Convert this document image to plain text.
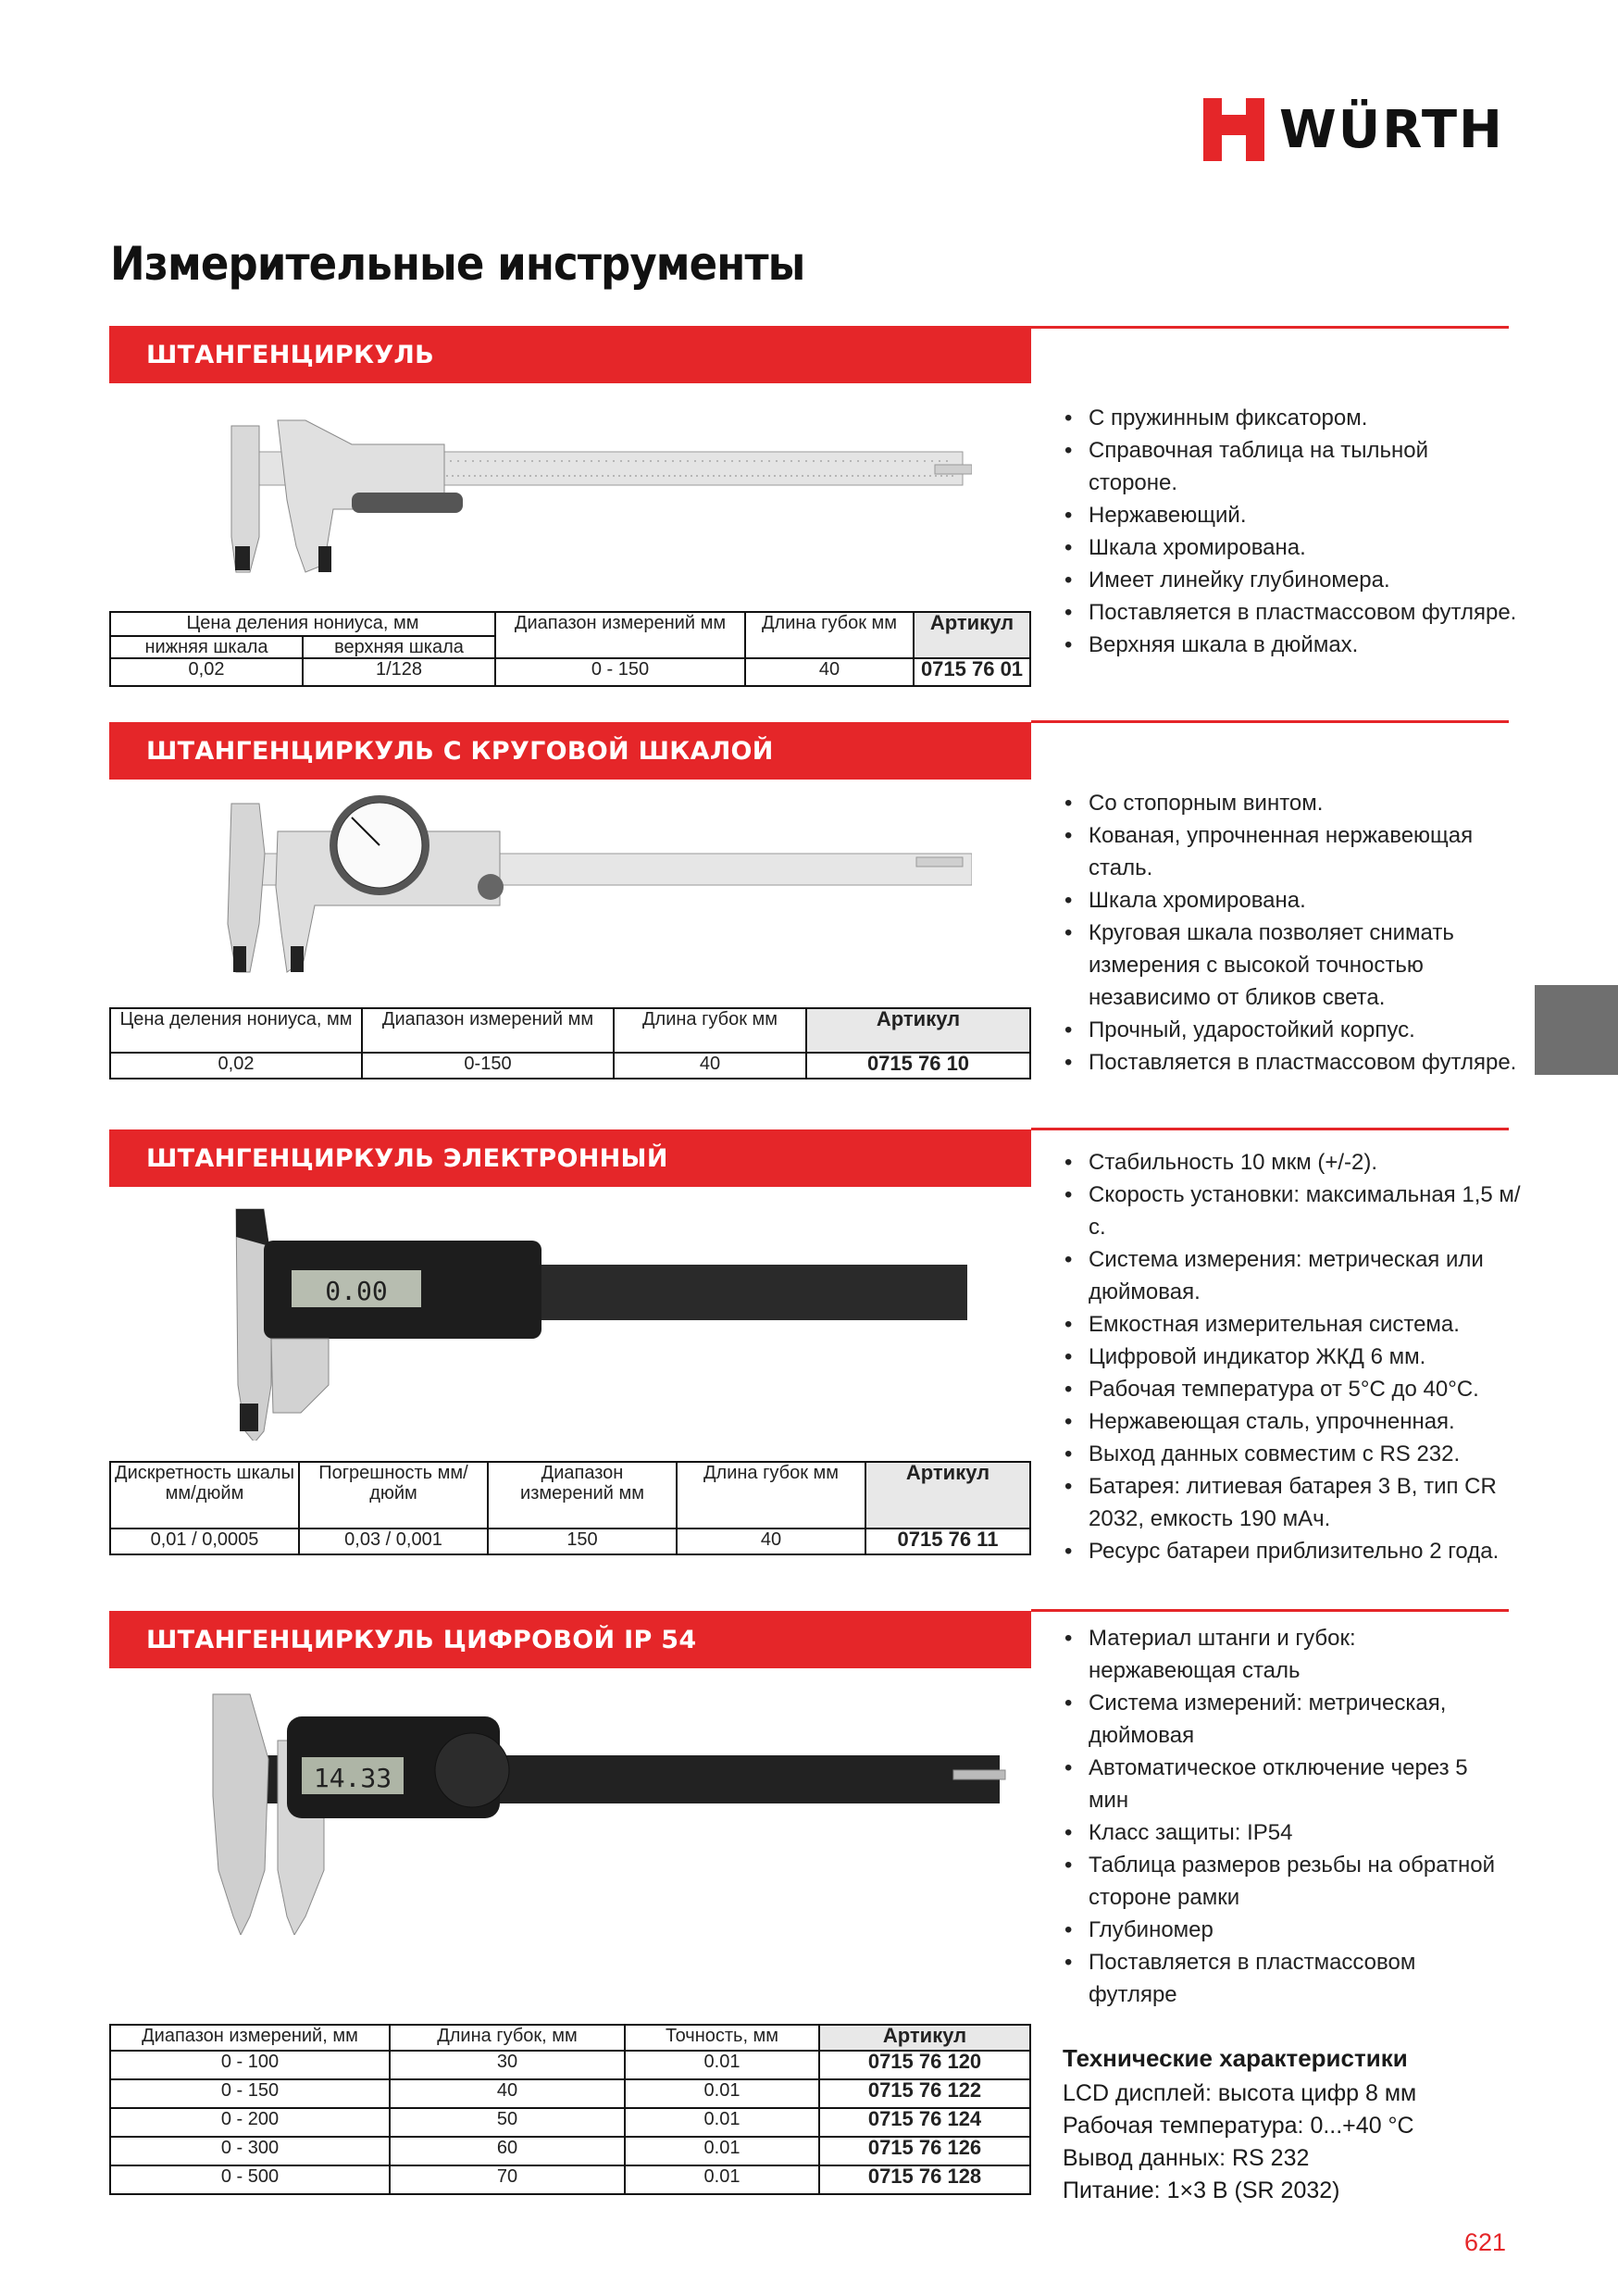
WÜRTH
Измерительные инструменты
ШТАНГЕНЦИРКУЛЬ
Цена деления нониуса, мм		Диапазон измерений мм	Длина губок мм	Артикул
нижняя шкала	верхняя шкала			
0,02	1/128	0 - 150	40	0715 76 01
• С пружинным фиксатором.
• Справочная таблица на тыльной стороне.
• Нержавеющий.
• Шкала хромирована.
• Имеет линейку глубиномера.
• Поставляется в пластмассовом футляре.
• Верхняя шкала в дюймах.
ШТАНГЕНЦИРКУЛЬ С КРУГОВОЙ ШКАЛОЙ
Цена деления нониуса, мм	Диапазон измерений мм	Длина губок мм	Артикул
0,02	0-150	40	0715 76 10
• Со стопорным винтом.
• Кованая, упрочненная нержавеющая сталь.
• Шкала хромирована.
• Круговая шкала позволяет снимать измерения с высокой точностью независимо от бликов света.
• Прочный, ударостойкий корпус.
• Поставляется в пластмассовом футляре.
ШТАНГЕНЦИРКУЛЬ ЭЛЕКТРОННЫЙ
0.00
Дискретность шкалы мм/дюйм	Погрешность мм/дюйм	Диапазон измерений мм	Длина губок мм	Артикул
0,01 / 0,0005	0,03 / 0,001	150	40	0715 76 11
• Стабильность 10 мкм (+/-2).
• Скорость установки: максимальная 1,5 м/с.
• Система измерения: метрическая или дюймовая.
• Емкостная измерительная система.
• Цифровой индикатор ЖКД 6 мм.
• Рабочая температура от 5°С до 40°С.
• Нержавеющая сталь, упрочненная.
• Выход данных совместим с RS 232.
• Батарея: литиевая батарея 3 В, тип CR 2032, емкость 190 мАч.
• Ресурс батареи приблизительно 2 года.
ШТАНГЕНЦИРКУЛЬ ЦИФРОВОЙ IP 54
14.33
Диапазон измерений, мм	Длина губок, мм	Точность, мм	Артикул
0 - 100	30	0.01	0715 76 120
0 - 150	40	0.01	0715 76 122
0 - 200	50	0.01	0715 76 124
0 - 300	60	0.01	0715 76 126
0 - 500	70	0.01	0715 76 128
• Материал штанги и губок: нержавеющая сталь
• Система измерений: метрическая, дюймовая
• Автоматическое отключение через 5 мин
• Класс защиты: IP54
• Таблица размеров резьбы на обратной стороне рамки
• Глубиномер
• Поставляется в пластмассовом футляре
Технические характеристики
LCD дисплей: высота цифр 8 мм
Рабочая температура: 0...+40 °C
Вывод данных: RS 232
Питание: 1×3 В (SR 2032)
621
